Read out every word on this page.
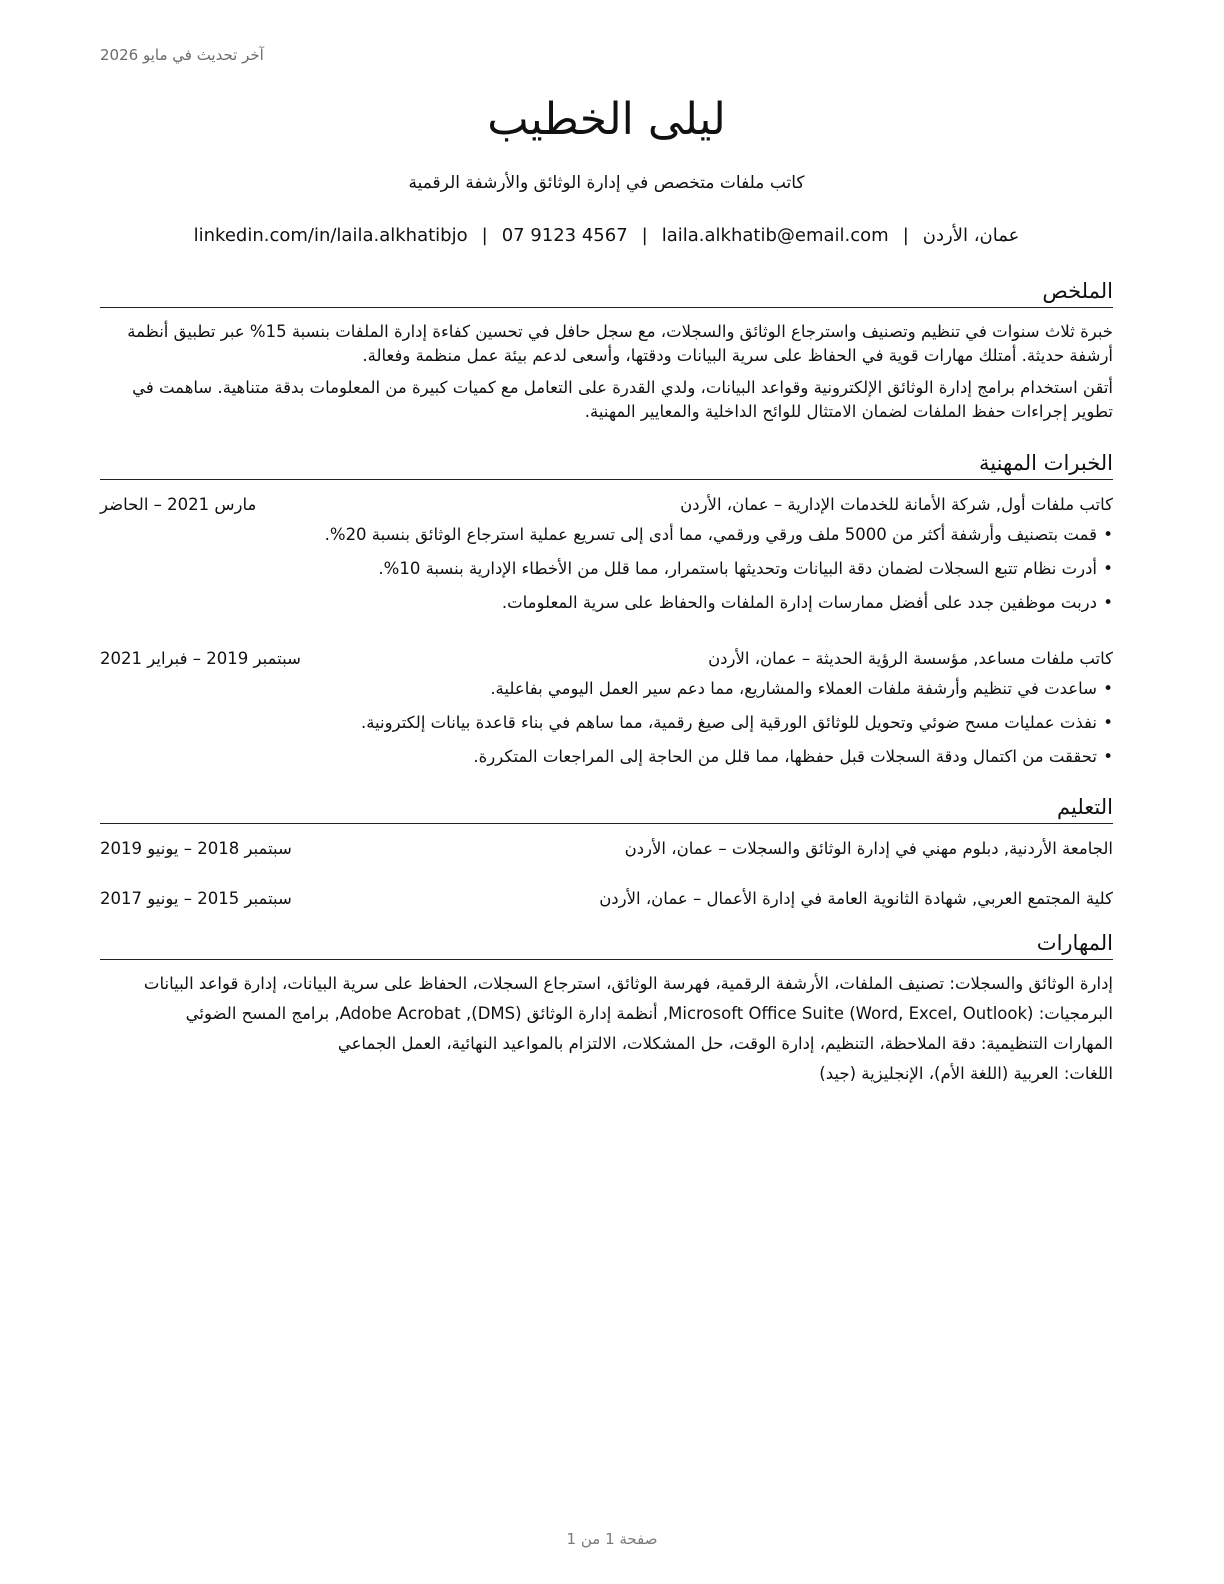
آخر تحديث في مايو 2026
ليلى الخطيب
كاتب ملفات متخصص في إدارة الوثائق والأرشفة الرقمية
linkedin.com/in/laila.alkhatibjo | 07 9123 4567 | laila.alkhatib@email.com | عمان، الأردن
الملخص

خبرة ثلاث سنوات في تنظيم وتصنيف واسترجاع الوثائق والسجلات، مع سجل حافل في تحسين كفاءة إدارة الملفات بنسبة 15% عبر تطبيق أنظمة أرشفة حديثة. أمتلك مهارات قوية في الحفاظ على سرية البيانات ودقتها، وأسعى لدعم بيئة عمل منظمة وفعالة.

أتقن استخدام برامج إدارة الوثائق الإلكترونية وقواعد البيانات، ولدي القدرة على التعامل مع كميات كبيرة من المعلومات بدقة متناهية. ساهمت في تطوير إجراءات حفظ الملفات لضمان الامتثال للوائح الداخلية والمعايير المهنية.

الخبرات المهنية
كاتب ملفات أول, شركة الأمانة للخدمات الإدارية – عمان، الأردن
مارس 2021 – الحاضر
• قمت بتصنيف وأرشفة أكثر من 5000 ملف ورقي ورقمي، مما أدى إلى تسريع عملية استرجاع الوثائق بنسبة 20%.
• أدرت نظام تتبع السجلات لضمان دقة البيانات وتحديثها باستمرار، مما قلل من الأخطاء الإدارية بنسبة 10%.
• دربت موظفين جدد على أفضل ممارسات إدارة الملفات والحفاظ على سرية المعلومات.
كاتب ملفات مساعد, مؤسسة الرؤية الحديثة – عمان، الأردن
سبتمبر 2019 – فبراير 2021
• ساعدت في تنظيم وأرشفة ملفات العملاء والمشاريع، مما دعم سير العمل اليومي بفاعلية.
• نفذت عمليات مسح ضوئي وتحويل للوثائق الورقية إلى صيغ رقمية، مما ساهم في بناء قاعدة بيانات إلكترونية.
• تحققت من اكتمال ودقة السجلات قبل حفظها، مما قلل من الحاجة إلى المراجعات المتكررة.
التعليم
الجامعة الأردنية, دبلوم مهني في إدارة الوثائق والسجلات – عمان، الأردن
سبتمبر 2018 – يونيو 2019
كلية المجتمع العربي, شهادة الثانوية العامة في إدارة الأعمال – عمان، الأردن
سبتمبر 2015 – يونيو 2017
المهارات

إدارة الوثائق والسجلات: تصنيف الملفات، الأرشفة الرقمية، فهرسة الوثائق، استرجاع السجلات، الحفاظ على سرية البيانات، إدارة قواعد البيانات

البرمجيات: Microsoft Office Suite (Word, Excel, Outlook), أنظمة إدارة الوثائق (DMS), Adobe Acrobat, برامج المسح الضوئي

المهارات التنظيمية: دقة الملاحظة، التنظيم، إدارة الوقت، حل المشكلات، الالتزام بالمواعيد النهائية، العمل الجماعي

اللغات: العربية (اللغة الأم)، الإنجليزية (جيد)

صفحة 1 من 1
